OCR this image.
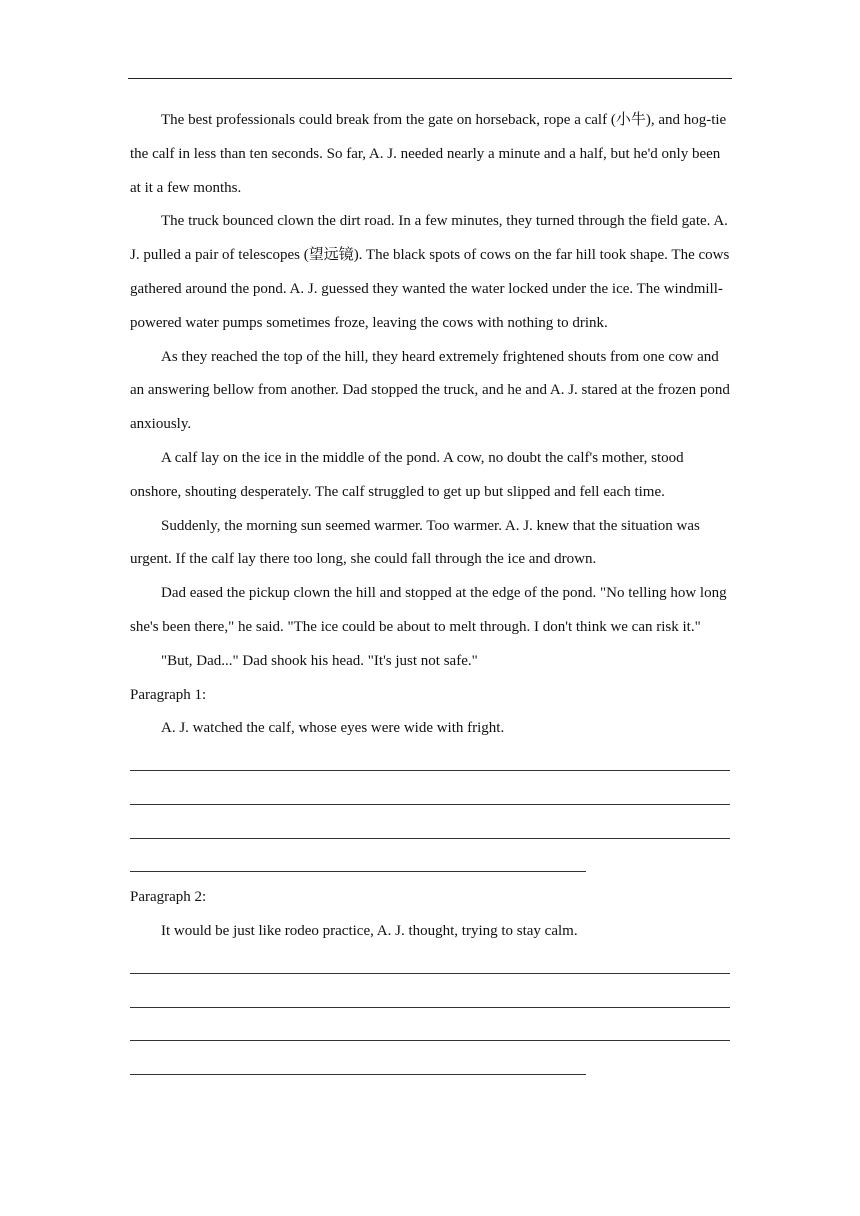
The best professionals could break from the gate on horseback, rope a calf (小牛), and hog-tie the calf in less than ten seconds. So far, A. J. needed nearly a minute and a half, but he'd only been at it a few months.

The truck bounced clown the dirt road. In a few minutes, they turned through the field gate. A. J. pulled a pair of telescopes (望远镜). The black spots of cows on the far hill took shape. The cows gathered around the pond. A. J. guessed they wanted the water locked under the ice. The windmill-powered water pumps sometimes froze, leaving the cows with nothing to drink.

As they reached the top of the hill, they heard extremely frightened shouts from one cow and an answering bellow from another. Dad stopped the truck, and he and A. J. stared at the frozen pond anxiously.

A calf lay on the ice in the middle of the pond. A cow, no doubt the calf's mother, stood onshore, shouting desperately. The calf struggled to get up but slipped and fell each time.

Suddenly, the morning sun seemed warmer. Too warmer. A. J. knew that the situation was urgent. If the calf lay there too long, she could fall through the ice and drown.

Dad eased the pickup clown the hill and stopped at the edge of the pond. "No telling how long she's been there," he said. "The ice could be about to melt through. I don't think we can risk it."

"But, Dad..." Dad shook his head. "It's just not safe."

Paragraph 1:

A. J. watched the calf, whose eyes were wide with fright.

Paragraph 2:

It would be just like rodeo practice, A. J. thought, trying to stay calm.
